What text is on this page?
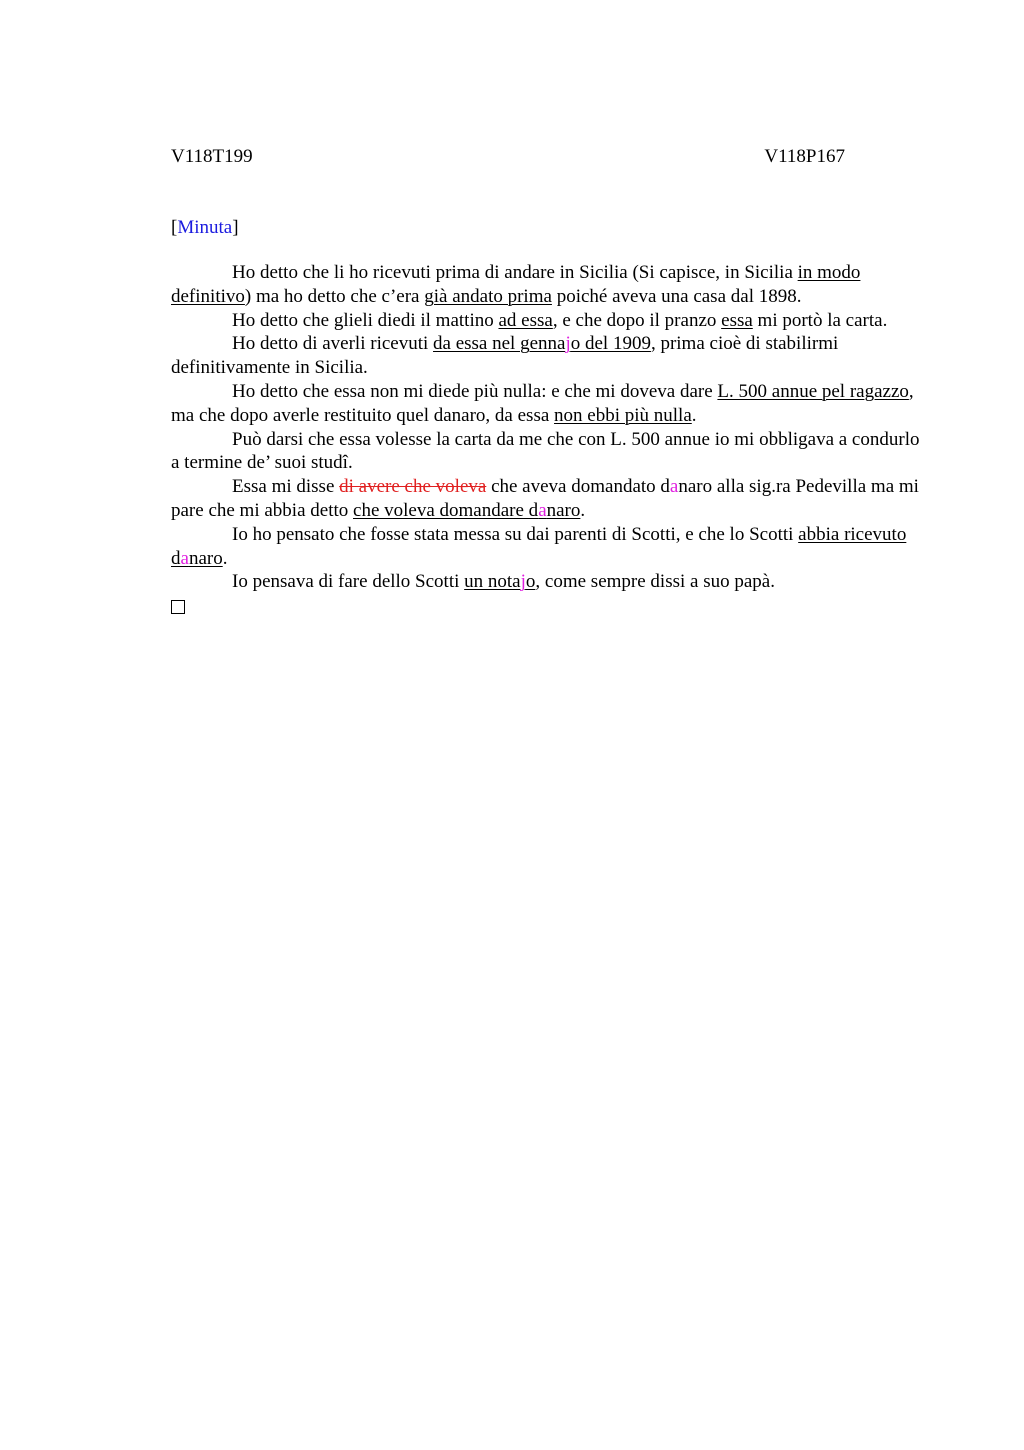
V118T199	V118P167
[Minuta]

Ho detto che li ho ricevuti prima di andare in Sicilia (Si capisce, in Sicilia in modo definitivo) ma ho detto che c’era già andato prima poiché aveva una casa dal 1898.

Ho detto che glieli diedi il mattino ad essa, e che dopo il pranzo essa mi portò la carta.

Ho detto di averli ricevuti da essa nel gennajo del 1909, prima cioè di stabilirmi definitivamente in Sicilia.

Ho detto che essa non mi diede più nulla: e che mi doveva dare L. 500 annue pel ragazzo, ma che dopo averle restituito quel danaro, da essa non ebbi più nulla.

Può darsi che essa volesse la carta da me che con L. 500 annue io mi obbligava a condurlo a termine de’ suoi studî.

Essa mi disse di avere che voleva che aveva domandato danaro alla sig.ra Pedevilla ma mi pare che mi abbia detto che voleva domandare danaro.

Io ho pensato che fosse stata messa su dai parenti di Scotti, e che lo Scotti abbia ricevuto danaro.

Io pensava di fare dello Scotti un notajo, come sempre dissi a suo papà.
